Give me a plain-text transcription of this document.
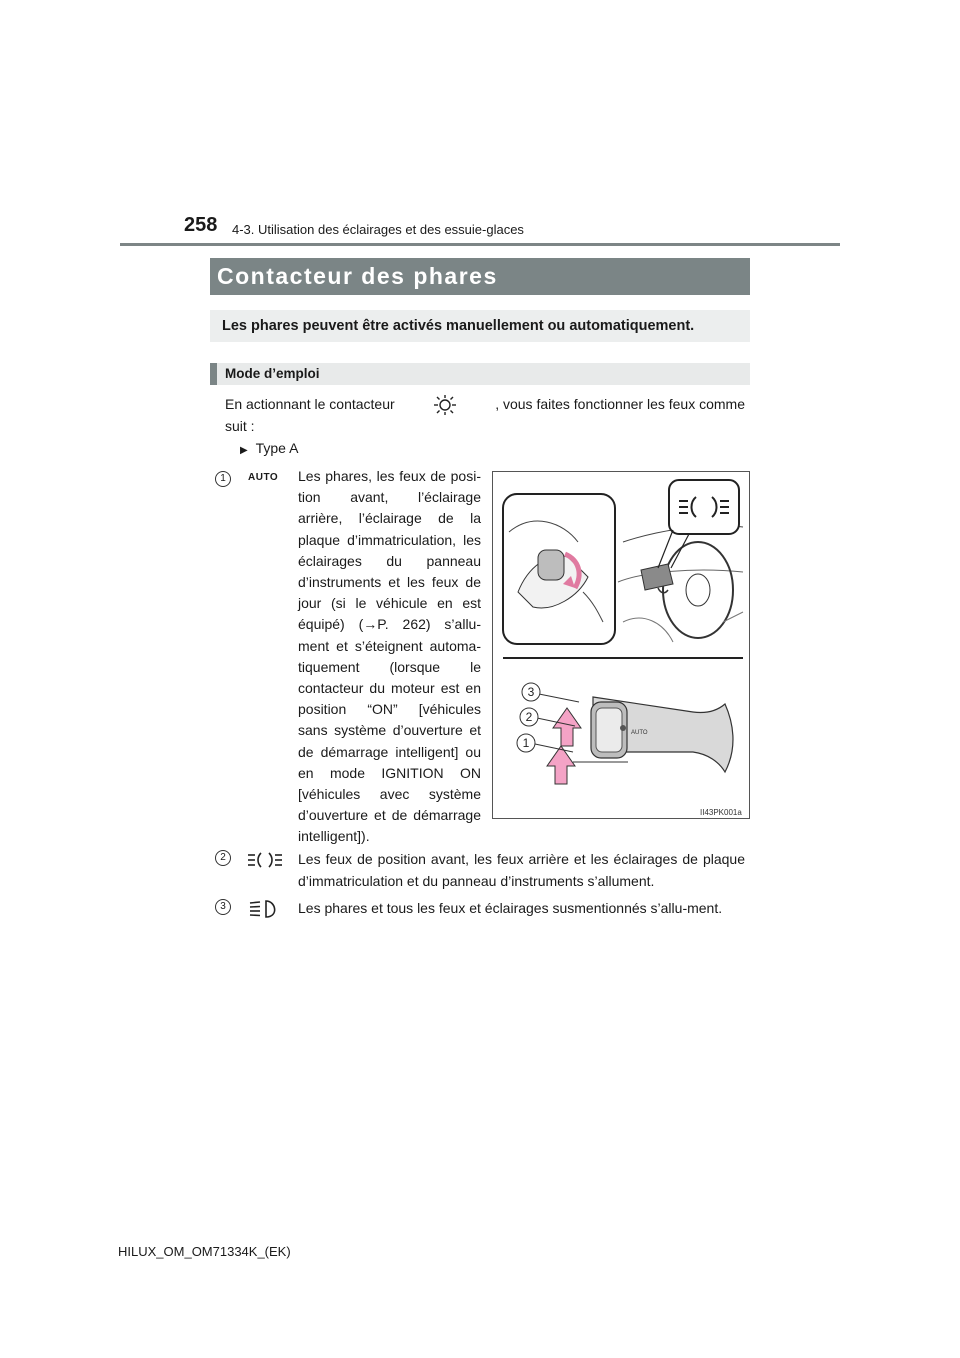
258 4-3. Utilisation des éclairages et des essuie-glaces
Contacteur des phares
Les phares peuvent être activés manuellement ou automatiquement.
Mode d’emploi
En actionnant le contacteur	, vous faites fonctionner les feux comme
suit :
▶ Type A
1	AUTO Les phares, les feux de posi-
tion avant, l’éclairage
arrière, l’éclairage de la
plaque d’immatriculation, les
éclairages du panneau
d’instruments et les feux de
jour (si le véhicule en est
équipé) (→P. 262) s’allu-
ment et s’éteignent automa-
tiquement (lorsque le
contacteur du moteur est en
position “ON” [véhicules
sans système d’ouverture et
de démarrage intelligent] ou
en mode IGNITION ON
[véhicules avec système
d’ouverture et de démarrage
intelligent]).
AUTO
3
2
1
II43PK001a
2	Les feux de position avant, les feux arrière et les éclairages de plaque d’immatriculation et du panneau d’instruments s’allument.
3	Les phares et tous les feux et éclairages susmentionnés s’allu-ment.
HILUX_OM_OM71334K_(EK)
